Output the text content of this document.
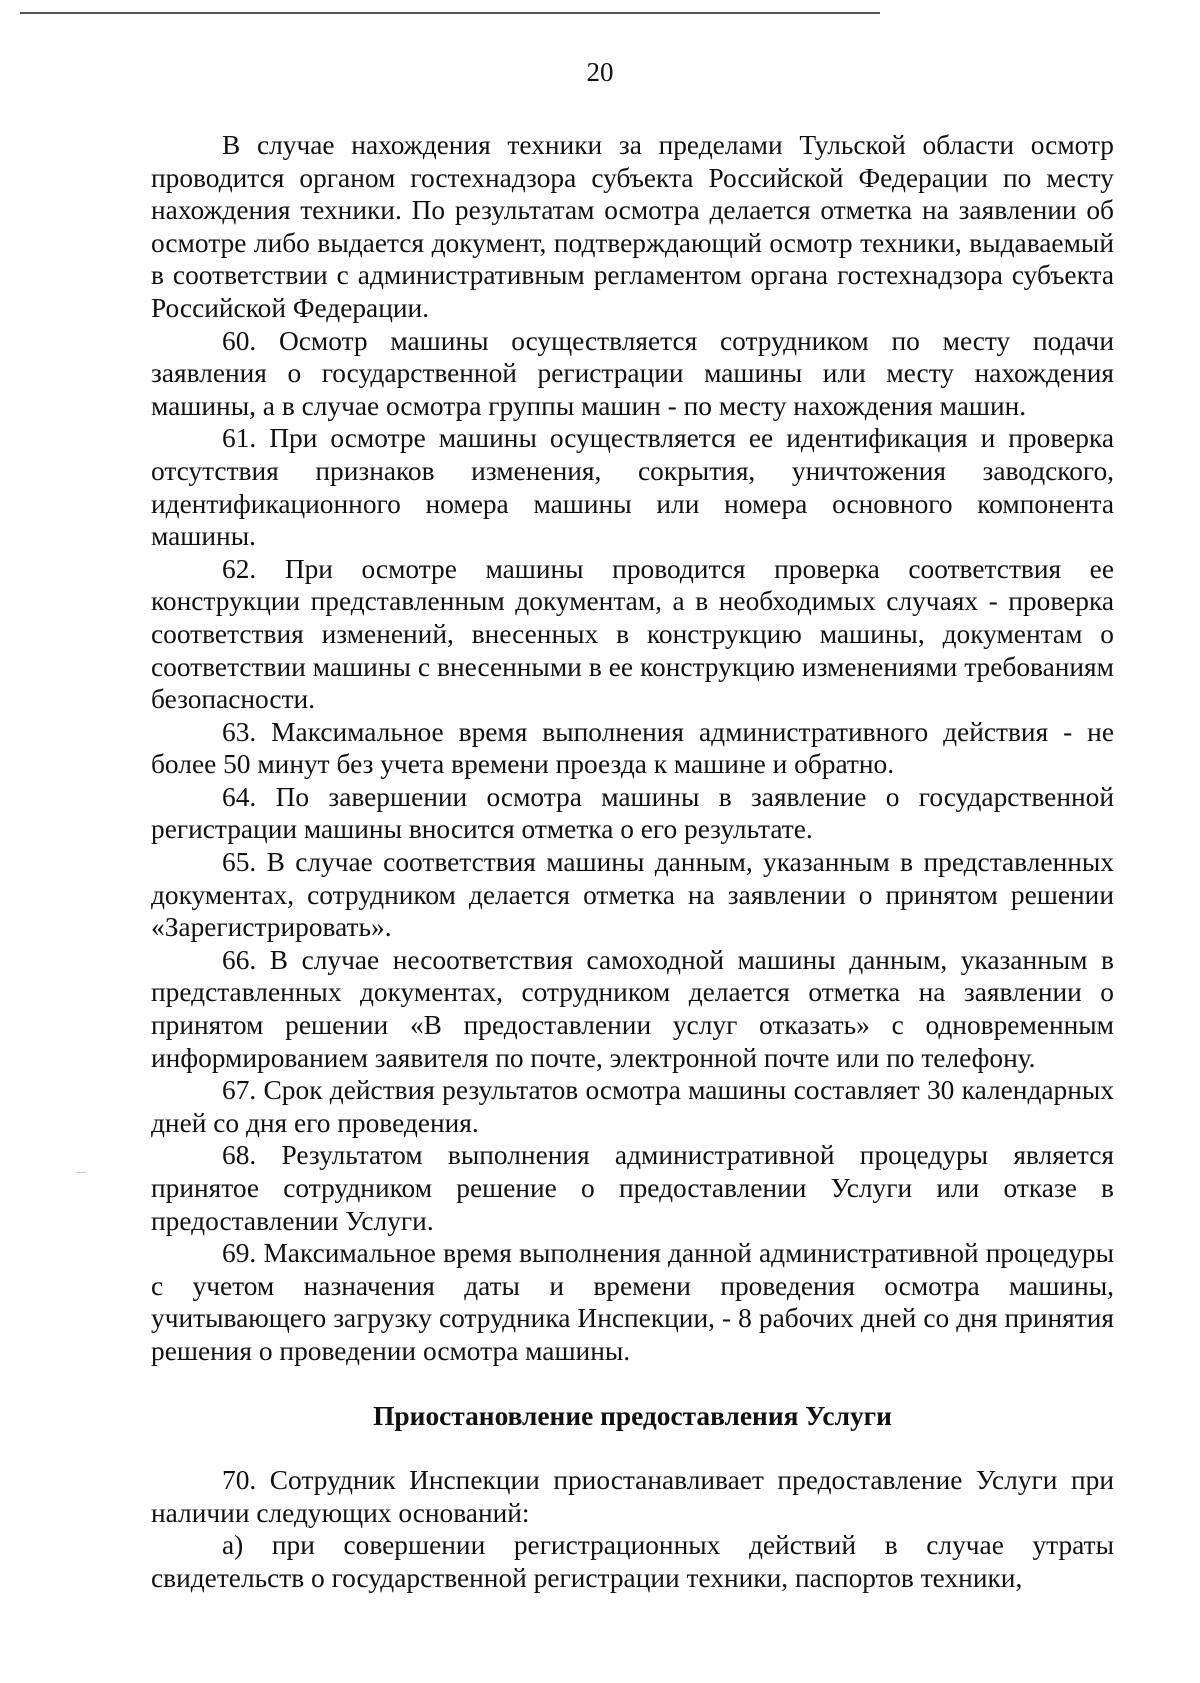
20

В случае нахождения техники за пределами Тульской области осмотр проводится органом гостехнадзора субъекта Российской Федерации по месту нахождения техники. По результатам осмотра делается отметка на заявлении об осмотре либо выдается документ, подтверждающий осмотр техники, выдаваемый в соответствии с административным регламентом органа гостехнадзора субъекта Российской Федерации.

60. Осмотр машины осуществляется сотрудником по месту подачи заявления о государственной регистрации машины или месту нахождения машины, а в случае осмотра группы машин - по месту нахождения машин.

61. При осмотре машины осуществляется ее идентификация и проверка отсутствия признаков изменения, сокрытия, уничтожения заводского, идентификационного номера машины или номера основного компонента машины.

62. При осмотре машины проводится проверка соответствия ее конструкции представленным документам, а в необходимых случаях - проверка соответствия изменений, внесенных в конструкцию машины, документам о соответствии машины с внесенными в ее конструкцию изменениями требованиям безопасности.

63. Максимальное время выполнения административного действия - не более 50 минут без учета времени проезда к машине и обратно.

64. По завершении осмотра машины в заявление о государственной регистрации машины вносится отметка о его результате.

65. В случае соответствия машины данным, указанным в представленных документах, сотрудником делается отметка на заявлении о принятом решении «Зарегистрировать».

66. В случае несоответствия самоходной машины данным, указанным в представленных документах, сотрудником делается отметка на заявлении о принятом решении «В предоставлении услуг отказать» с одновременным информированием заявителя по почте, электронной почте или по телефону.

67. Срок действия результатов осмотра машины составляет 30 календарных дней со дня его проведения.

68. Результатом выполнения административной процедуры является принятое сотрудником решение о предоставлении Услуги или отказе в предоставлении Услуги.

69. Максимальное время выполнения данной административной процедуры с учетом назначения даты и времени проведения осмотра машины, учитывающего загрузку сотрудника Инспекции, - 8 рабочих дней со дня принятия решения о проведении осмотра машины.

Приостановление предоставления Услуги

70. Сотрудник Инспекции приостанавливает предоставление Услуги при наличии следующих оснований:

а) при совершении регистрационных действий в случае утраты свидетельств о государственной регистрации техники, паспортов техники,
